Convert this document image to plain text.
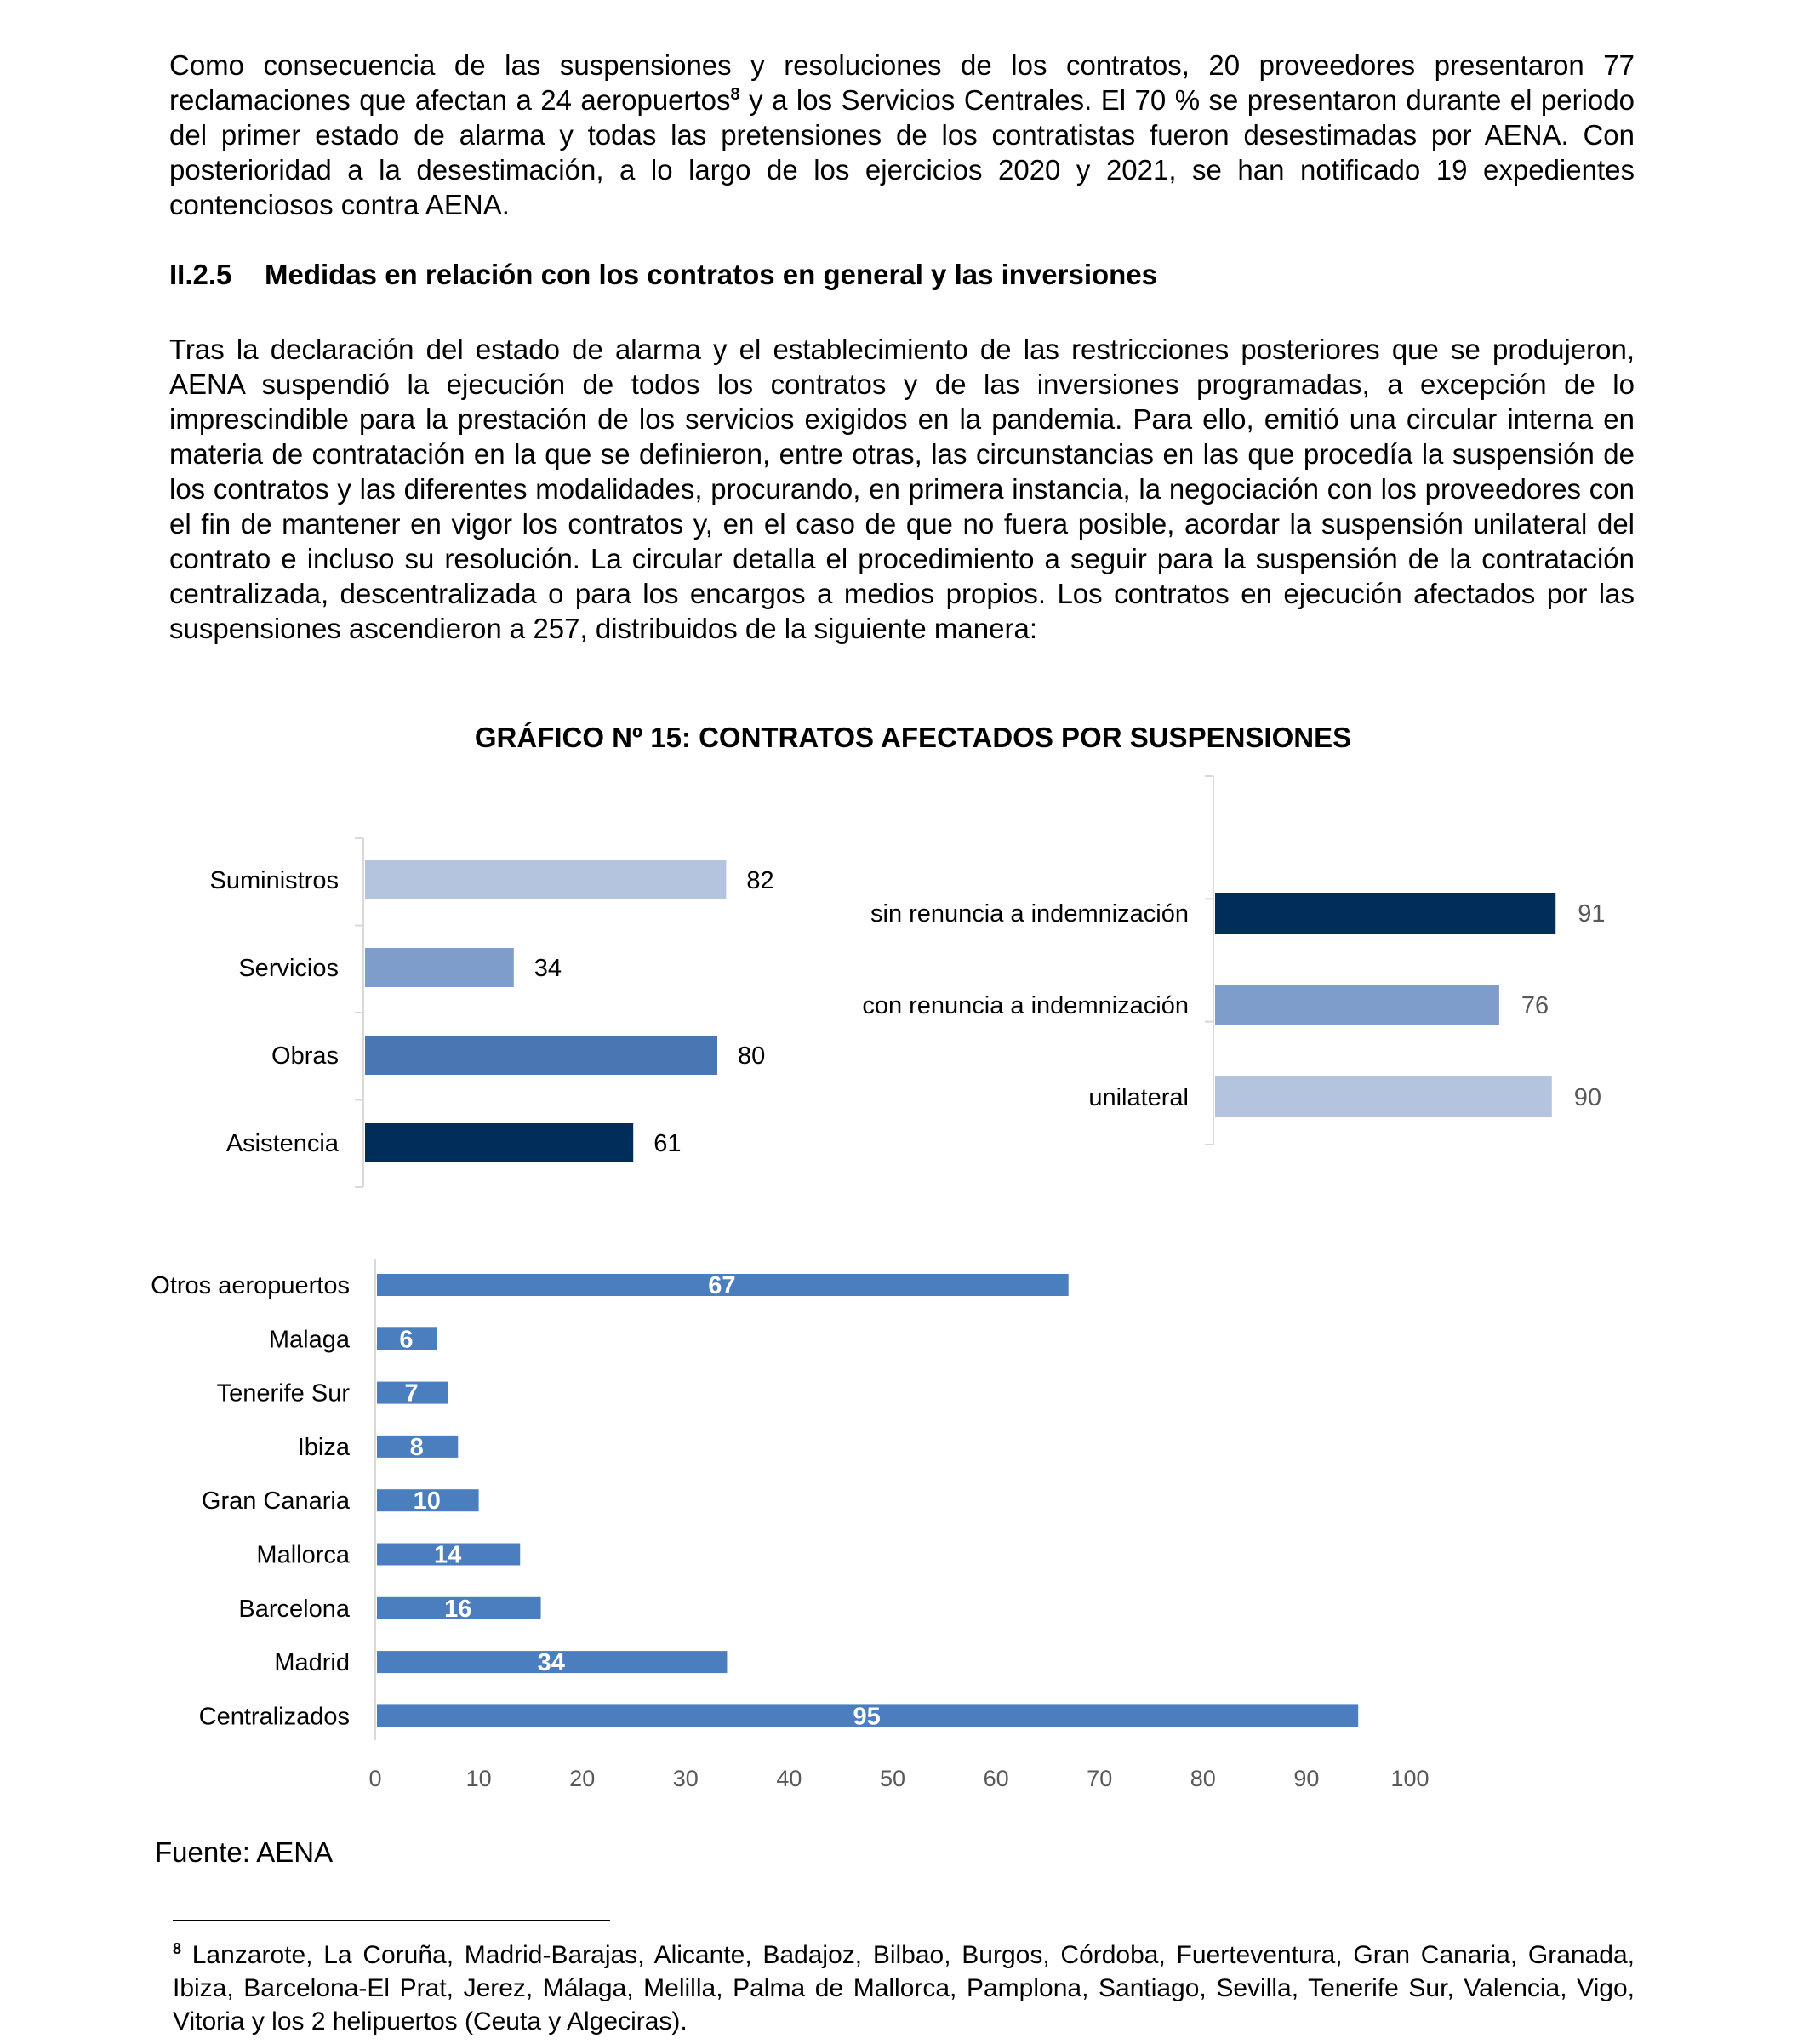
Como consecuencia de las suspensiones y resoluciones de los contratos, 20 proveedores presentaron 77 reclamaciones que afectan a 24 aeropuertos$^8$ y a los Servicios Centrales. El 70 % se presentaron durante el periodo del primer estado de alarma y todas las pretensiones de los contratistas fueron desestimadas por AENA. Con posterioridad a la desestimación, a lo largo de los ejercicios 2020 y 2021, se han notificado 19 expedientes contenciosos contra AENA.

II.2.5 Medidas en relación con los contratos en general y las inversiones

Tras la declaración del estado de alarma y el establecimiento de las restricciones posteriores que se produjeron, AENA suspendió la ejecución de todos los contratos y de las inversiones programadas, a excepción de lo imprescindible para la prestación de los servicios exigidos en la pandemia. Para ello, emitió una circular interna en materia de contratación en la que se definieron, entre otras, las circunstancias en las que procedía la suspensión de los contratos y las diferentes modalidades, procurando, en primera instancia, la negociación con los proveedores con el fin de mantener en vigor los contratos y, en el caso de que no fuera posible, acordar la suspensión unilateral del contrato e incluso su resolución. La circular detalla el procedimiento a seguir para la suspensión de la contratación centralizada, descentralizada o para los encargos a medios propios. Los contratos en ejecución afectados por las suspensiones ascendieron a 257, distribuidos de la siguiente manera:

GRÁFICO Nº 15: CONTRATOS AFECTADOS POR SUSPENSIONES
Suministros	82
Servicios	34
Obras	80
Asistencia	61
sin renuncia a indemnización	91
con renuncia a indemnización	76
unilateral	90
Otros aeropuertos	67
Malaga 6
Tenerife Sur 7
Ibiza 8
Gran Canaria	10
Mallorca	14
Barcelona	16
Madrid	34
Centralizados	95
0	10	20	30	40	50	60	70	80	90	100

Fuente: AENA

$^8$ Lanzarote, La Coruña, Madrid-Barajas, Alicante, Badajoz, Bilbao, Burgos, Córdoba, Fuerteventura, Gran Canaria, Granada, Ibiza, Barcelona-El Prat, Jerez, Málaga, Melilla, Palma de Mallorca, Pamplona, Santiago, Sevilla, Tenerife Sur, Valencia, Vigo, Vitoria y los 2 helipuertos (Ceuta y Algeciras).
